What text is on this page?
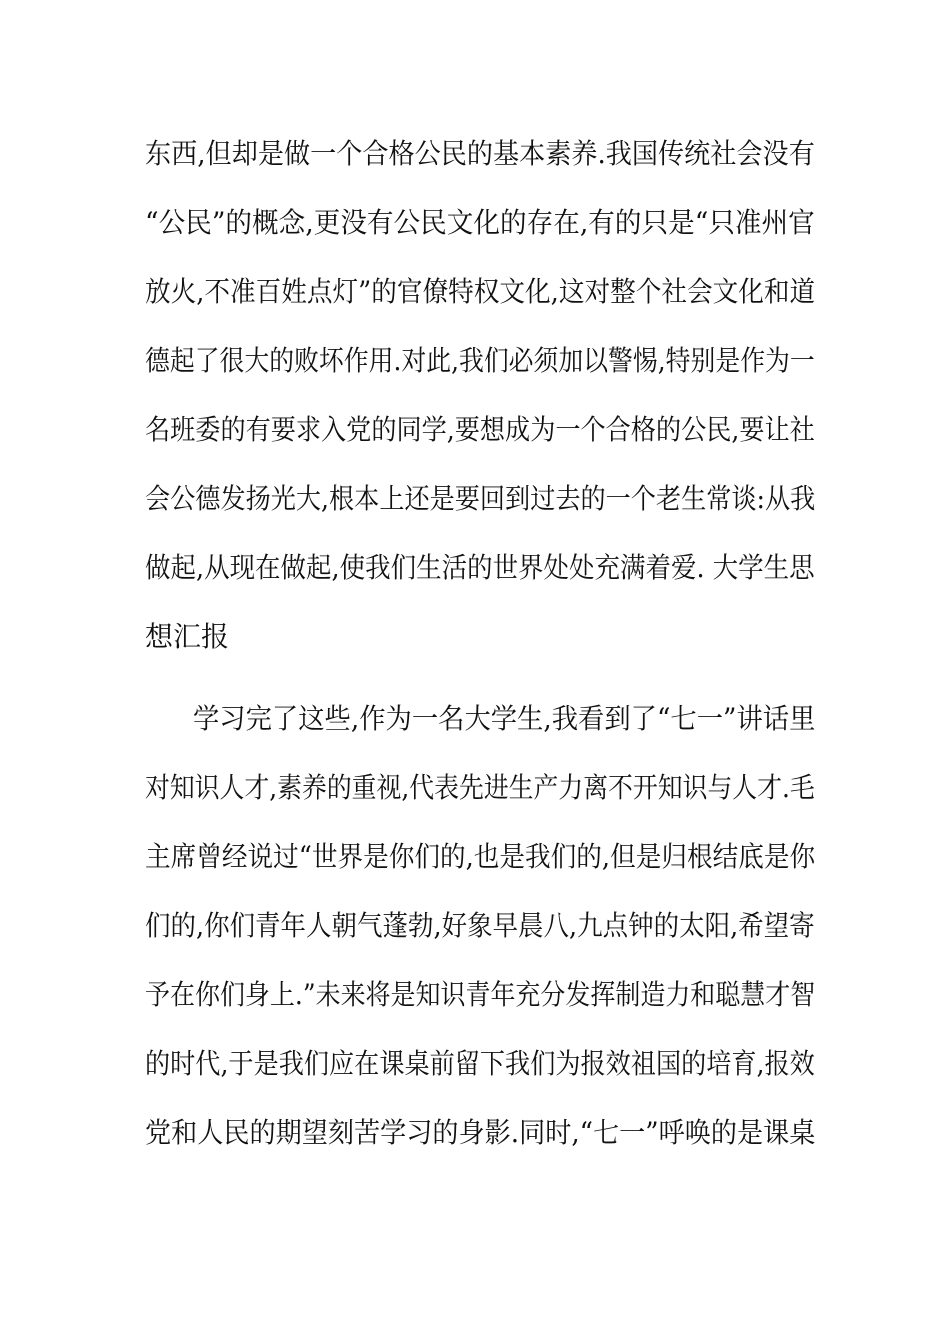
东西,但却是做一个合格公民的基本素养.我国传统社会没有
“公民”的概念,更没有公民文化的存在,有的只是“只准州官
放火,不准百姓点灯”的官僚特权文化,这对整个社会文化和道
德起了很大的败坏作用.对此,我们必须加以警惕,特别是作为一
名班委的有要求入党的同学,要想成为一个合格的公民,要让社
会公德发扬光大,根本上还是要回到过去的一个老生常谈:从我
做起,从现在做起,使我们生活的世界处处充满着爱. 大学生思
想汇报
学习完了这些,作为一名大学生,我看到了“七一”讲话里
对知识人才,素养的重视,代表先进生产力离不开知识与人才.毛
主席曾经说过“世界是你们的,也是我们的,但是归根结底是你
们的,你们青年人朝气蓬勃,好象早晨八,九点钟的太阳,希望寄
予在你们身上.”未来将是知识青年充分发挥制造力和聪慧才智
的时代,于是我们应在课桌前留下我们为报效祖国的培育,报效
党和人民的期望刻苦学习的身影.同时,“七一”呼唤的是课桌
